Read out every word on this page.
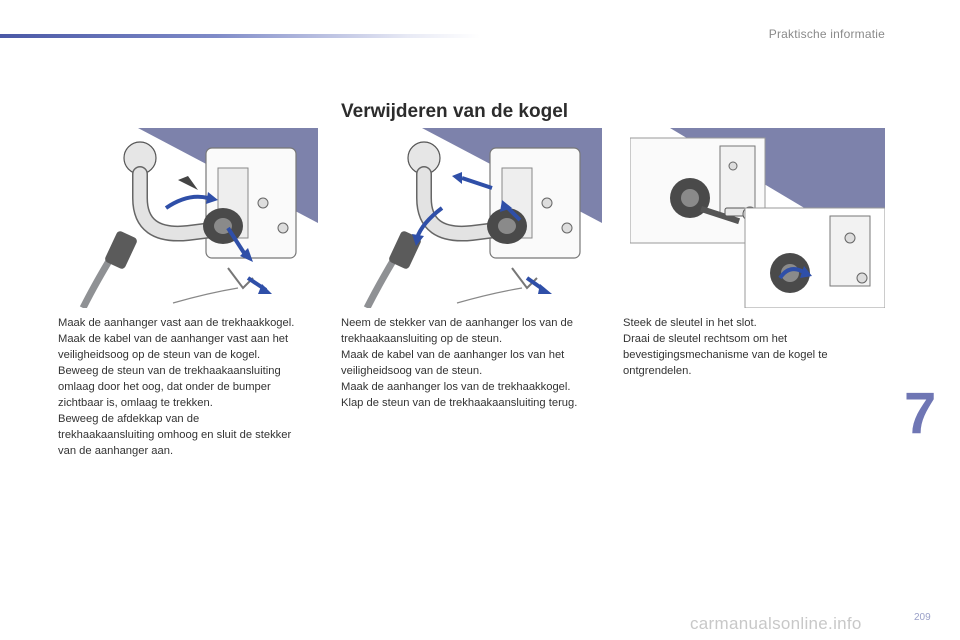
Praktische informatie
Verwijderen van de kogel

Maak de aanhanger vast aan de trekhaakkogel.

Maak de kabel van de aanhanger vast aan het

veiligheidsoog op de steun van de kogel.

Beweeg de steun van de trekhaakaansluiting

omlaag door het oog, dat onder de bumper

zichtbaar is, omlaag te trekken.

Beweeg de afdekkap van de

trekhaakaansluiting omhoog en sluit de stekker

van de aanhanger aan.

Neem de stekker van de aanhanger los van de

trekhaakaansluiting op de steun.

Maak de kabel van de aanhanger los van het

veiligheidsoog van de steun.

Maak de aanhanger los van de trekhaakkogel.

Klap de steun van de trekhaakaansluiting terug.

Steek de sleutel in het slot.

Draai de sleutel rechtsom om het

bevestigingsmechanisme van de kogel te

ontgrendelen.

7
209
carmanualsonline.info
